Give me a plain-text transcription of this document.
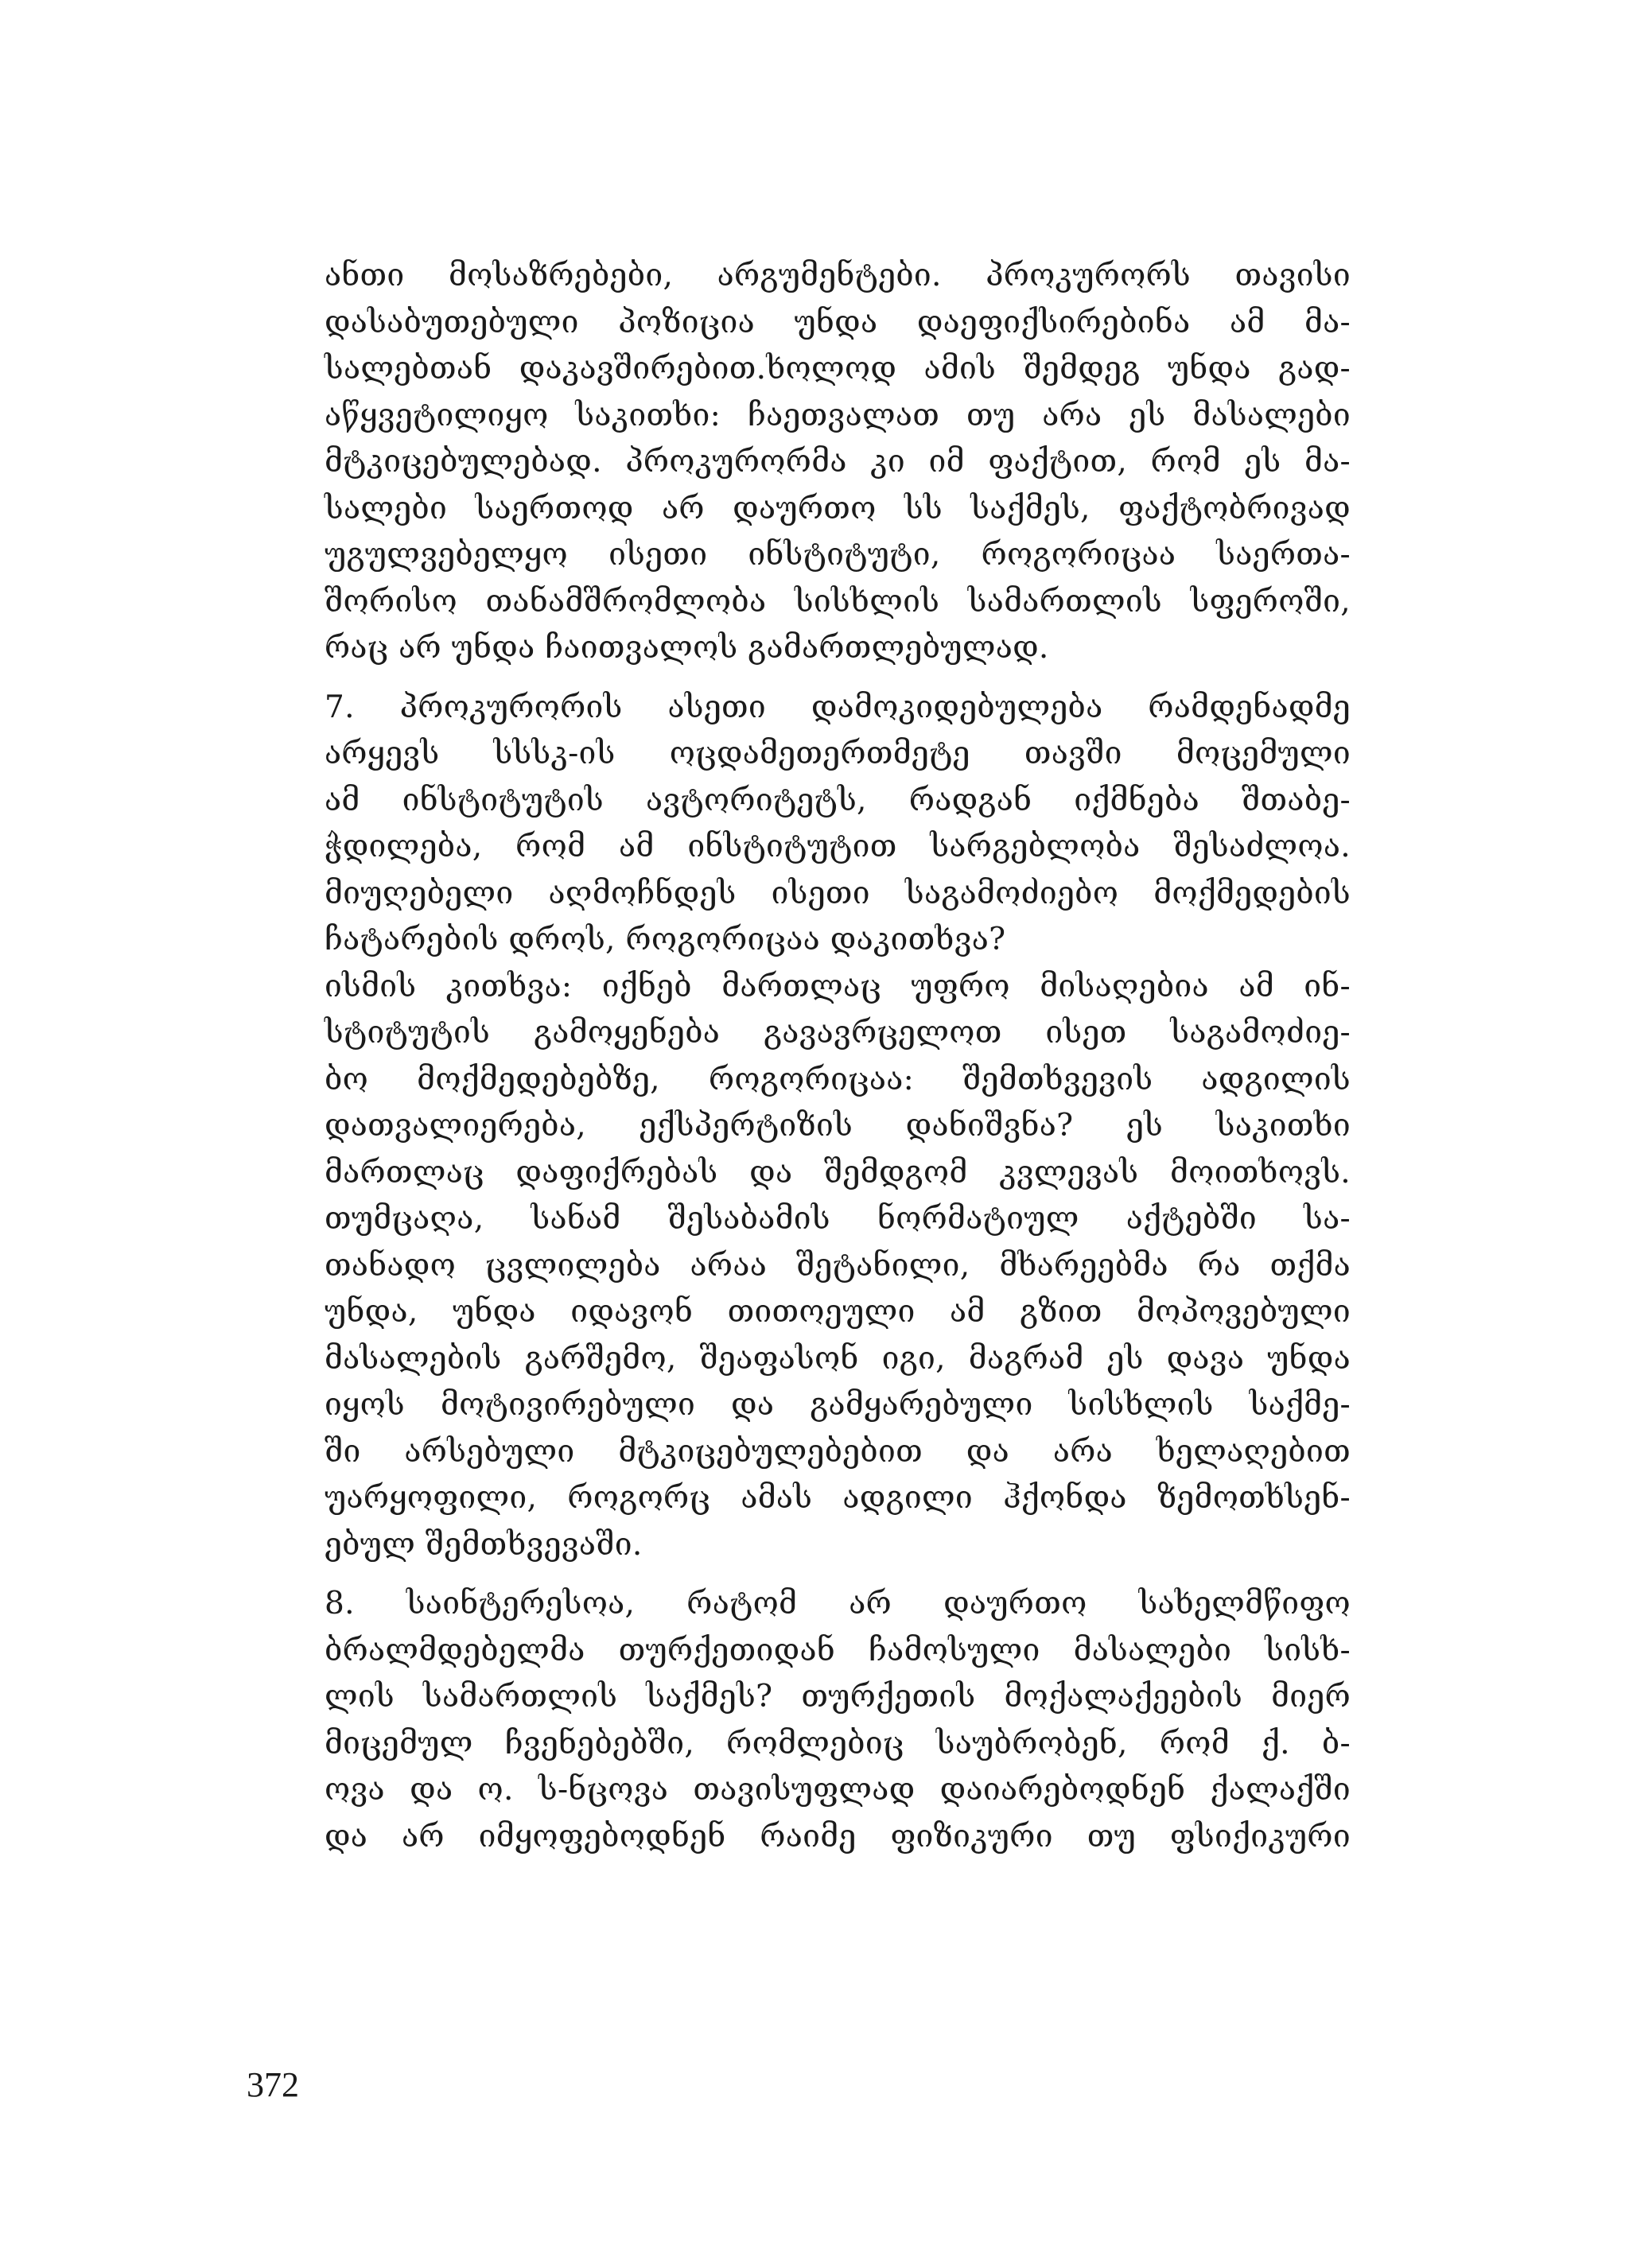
ანთი მოსაზრებები, არგუმენტები. პროკურორს თავისი
დასაბუთებული პოზიცია უნდა დაეფიქსირებინა ამ მა-
სალებთან დაკავშირებით.ხოლოდ ამის შემდეგ უნდა გად-
აწყვეტილიყო საკითხი: ჩაეთვალათ თუ არა ეს მასალები
მტკიცებულებად. პროკურორმა კი იმ ფაქტით, რომ ეს მა-
სალები საერთოდ არ დაურთო სს საქმეს, ფაქტობრივად
უგულვებელყო ისეთი ინსტიტუტი, როგორიცაა საერთა-
შორისო თანამშრომლობა სისხლის სამართლის სფეროში,
რაც არ უნდა ჩაითვალოს გამართლებულად.
7. პროკურორის ასეთი დამოკიდებულება რამდენადმე
არყევს სსსკ-ის ოცდამეთერთმეტე თავში მოცემული
ამ ინსტიტუტის ავტორიტეტს, რადგან იქმნება შთაბე-
ჭდილება, რომ ამ ინსტიტუტით სარგებლობა შესაძლოა.
მიუღებელი აღმოჩნდეს ისეთი საგამოძიებო მოქმედების
ჩატარების დროს, როგორიცაა დაკითხვა?
ისმის კითხვა: იქნებ მართლაც უფრო მისაღებია ამ ინ-
სტიტუტის გამოყენება გავავრცელოთ ისეთ საგამოძიე-
ბო მოქმედებებზე, როგორიცაა: შემთხვევის ადგილის
დათვალიერება, ექსპერტიზის დანიშვნა? ეს საკითხი
მართლაც დაფიქრებას და შემდგომ კვლევას მოითხოვს.
თუმცაღა, სანამ შესაბამის ნორმატიულ აქტებში სა-
თანადო ცვლილება არაა შეტანილი, მხარეებმა რა თქმა
უნდა, უნდა იდავონ თითოეული ამ გზით მოპოვებული
მასალების გარშემო, შეაფასონ იგი, მაგრამ ეს დავა უნდა
იყოს მოტივირებული და გამყარებული სისხლის საქმე-
ში არსებული მტკიცებულებებით და არა ხელაღებით
უარყოფილი, როგორც ამას ადგილი ჰქონდა ზემოთხსენ-
ებულ შემთხვევაში.
8. საინტერესოა, რატომ არ დაურთო სახელმწიფო
ბრალმდებელმა თურქეთიდან ჩამოსული მასალები სისხ-
ლის სამართლის საქმეს? თურქეთის მოქალაქეების მიერ
მიცემულ ჩვენებებში, რომლებიც საუბრობენ, რომ ქ. ბ-
ოვა და ო. ს-ნცოვა თავისუფლად დაიარებოდნენ ქალაქში
და არ იმყოფებოდნენ რაიმე ფიზიკური თუ ფსიქიკური
372
